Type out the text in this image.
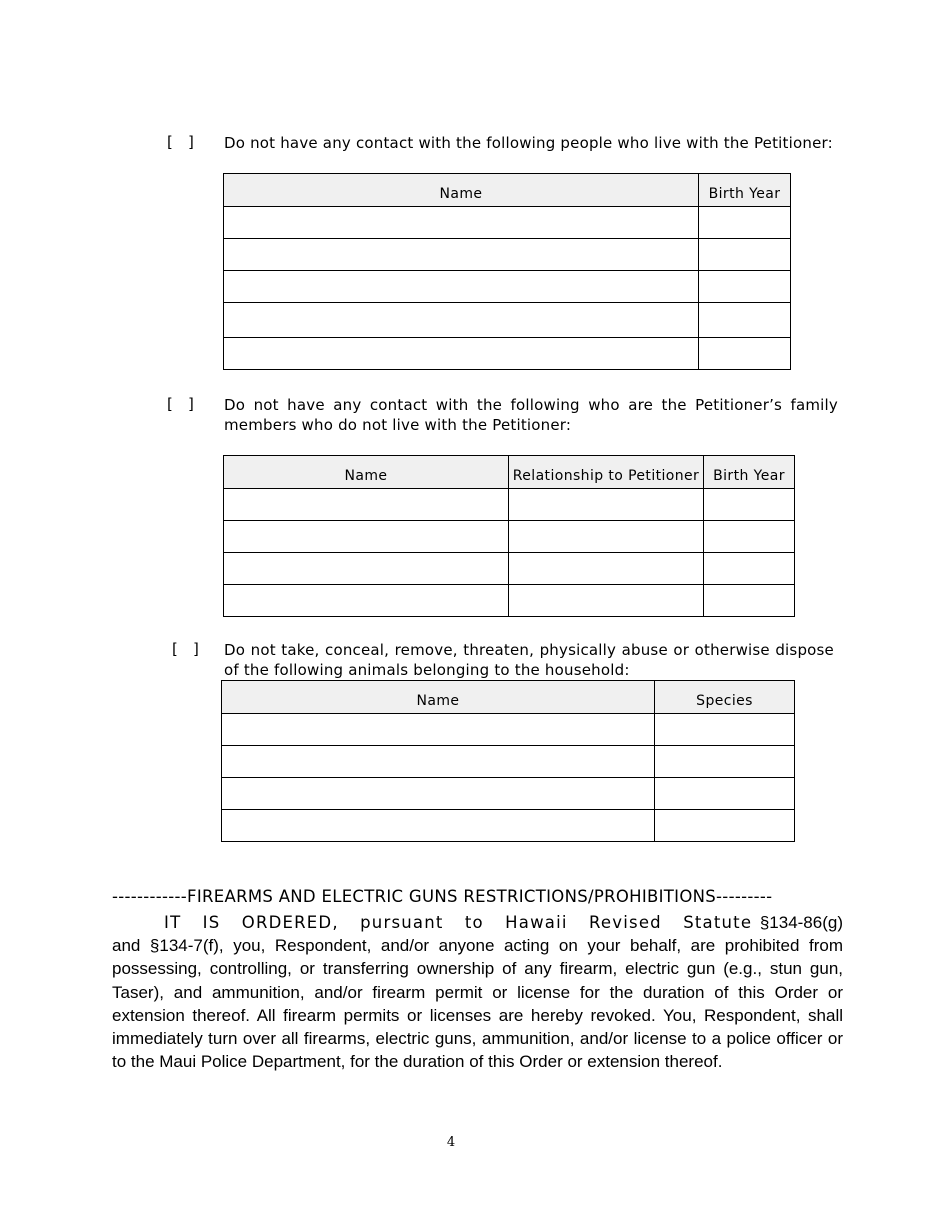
[   ] Do not have any contact with the following people who live with the Petitioner:
Name	Birth Year

[   ] Do not have any contact with the following who are the Petitioner’s family members who do not live with the Petitioner:
Name	Relationship to Petitioner	Birth Year

[   ] Do not take, conceal, remove, threaten, physically abuse or otherwise dispose of the following animals belonging to the household:
Name	Species

------------FIREARMS AND ELECTRIC GUNS RESTRICTIONS/PROHIBITIONS---------
IT IS ORDERED, pursuant to Hawaii Revised Statute §134-86(g) and §134-7(f), you, Respondent, and/or anyone acting on your behalf, are prohibited from possessing, controlling, or transferring ownership of any firearm, electric gun (e.g., stun gun, Taser), and ammunition, and/or firearm permit or license for the duration of this Order or extension thereof. All firearm permits or licenses are hereby revoked. You, Respondent, shall immediately turn over all firearms, electric guns, ammunition, and/or license to a police officer or to the Maui Police Department, for the duration of this Order or extension thereof.
4
